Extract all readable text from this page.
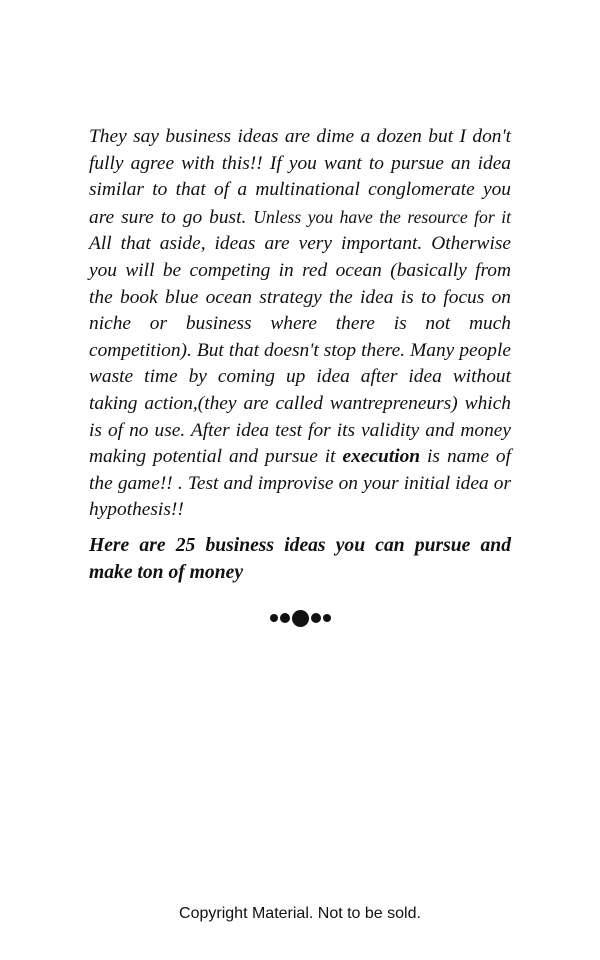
They say business ideas are dime a dozen but I don't fully agree with this!! If you want to pursue an idea similar to that of a multinational conglomerate you are sure to go bust. Unless you have the resource for it All that aside, ideas are very important. Otherwise you will be competing in red ocean (basically from the book blue ocean strategy the idea is to focus on niche or business where there is not much competition). But that doesn't stop there. Many people waste time by coming up idea after idea without taking action,(they are called wantrepreneurs) which is of no use. After idea test for its validity and money making potential and pursue it execution is name of the game!! . Test and improvise on your initial idea or hypothesis!!

Here are 25 business ideas you can pursue and make ton of money

Copyright Material. Not to be sold.
